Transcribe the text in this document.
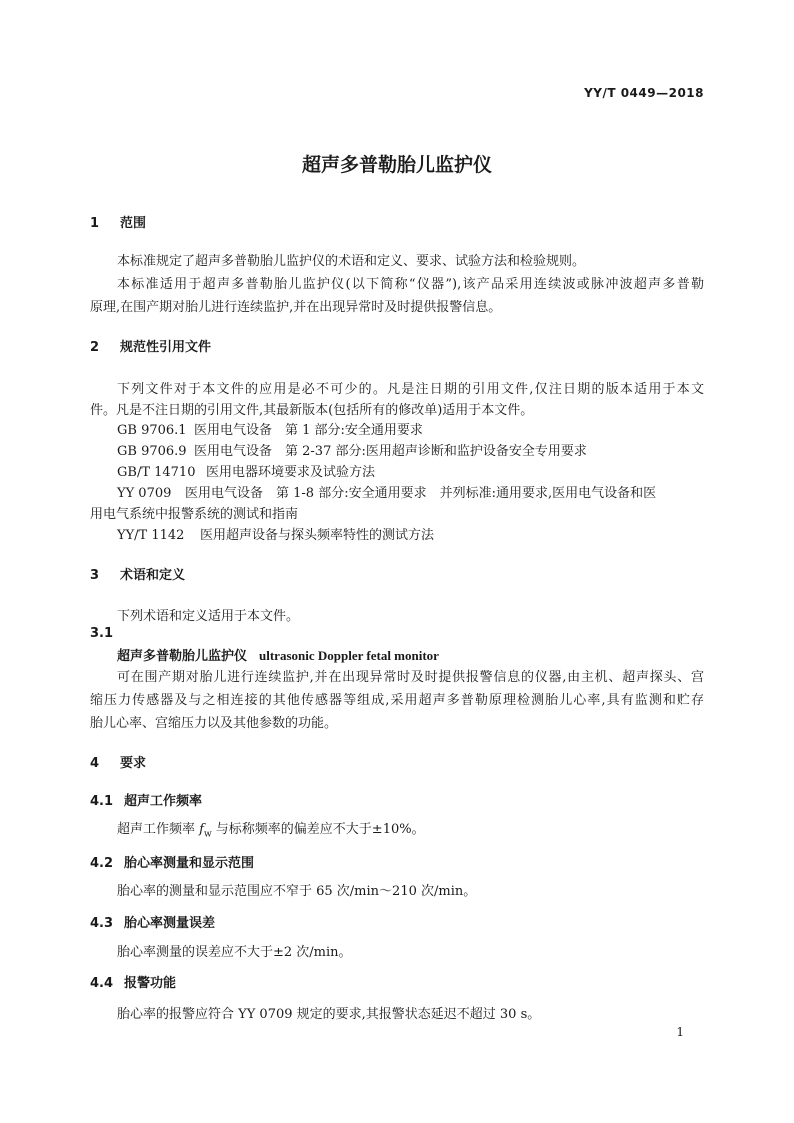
YY/T 0449—2018
超声多普勒胎儿监护仪
1 范围
本标准规定了超声多普勒胎儿监护仪的术语和定义、要求、试验方法和检验规则。
本标准适用于超声多普勒胎儿监护仪(以下简称“仪器”),该产品采用连续波或脉冲波超声多普勒
原理,在围产期对胎儿进行连续监护,并在出现异常时及时提供报警信息。
2 规范性引用文件
下列文件对于本文件的应用是必不可少的。凡是注日期的引用文件,仅注日期的版本适用于本文
件。凡是不注日期的引用文件,其最新版本(包括所有的修改单)适用于本文件。
GB 9706.1 医用电气设备　第 1 部分:安全通用要求
GB 9706.9 医用电气设备　第 2-37 部分:医用超声诊断和监护设备安全专用要求
GB/T 14710 医用电器环境要求及试验方法
YY 0709 医用电气设备　第 1-8 部分:安全通用要求　并列标准:通用要求,医用电气设备和医
用电气系统中报警系统的测试和指南
YY/T 1142 医用超声设备与探头频率特性的测试方法
3 术语和定义
下列术语和定义适用于本文件。
3.1
超声多普勒胎儿监护仪 ultrasonic Doppler fetal monitor
可在围产期对胎儿进行连续监护,并在出现异常时及时提供报警信息的仪器,由主机、超声探头、宫
缩压力传感器及与之相连接的其他传感器等组成,采用超声多普勒原理检测胎儿心率,具有监测和贮存
胎儿心率、宫缩压力以及其他参数的功能。
4 要求
4.1 超声工作频率
超声工作频率 $f_w$ 与标称频率的偏差应不大于±10%。
4.2 胎心率测量和显示范围
胎心率的测量和显示范围应不窄于 65 次/min～210 次/min。
4.3 胎心率测量误差
胎心率测量的误差应不大于±2 次/min。
4.4 报警功能
胎心率的报警应符合 YY 0709 规定的要求,其报警状态延迟不超过 30 s。
1
